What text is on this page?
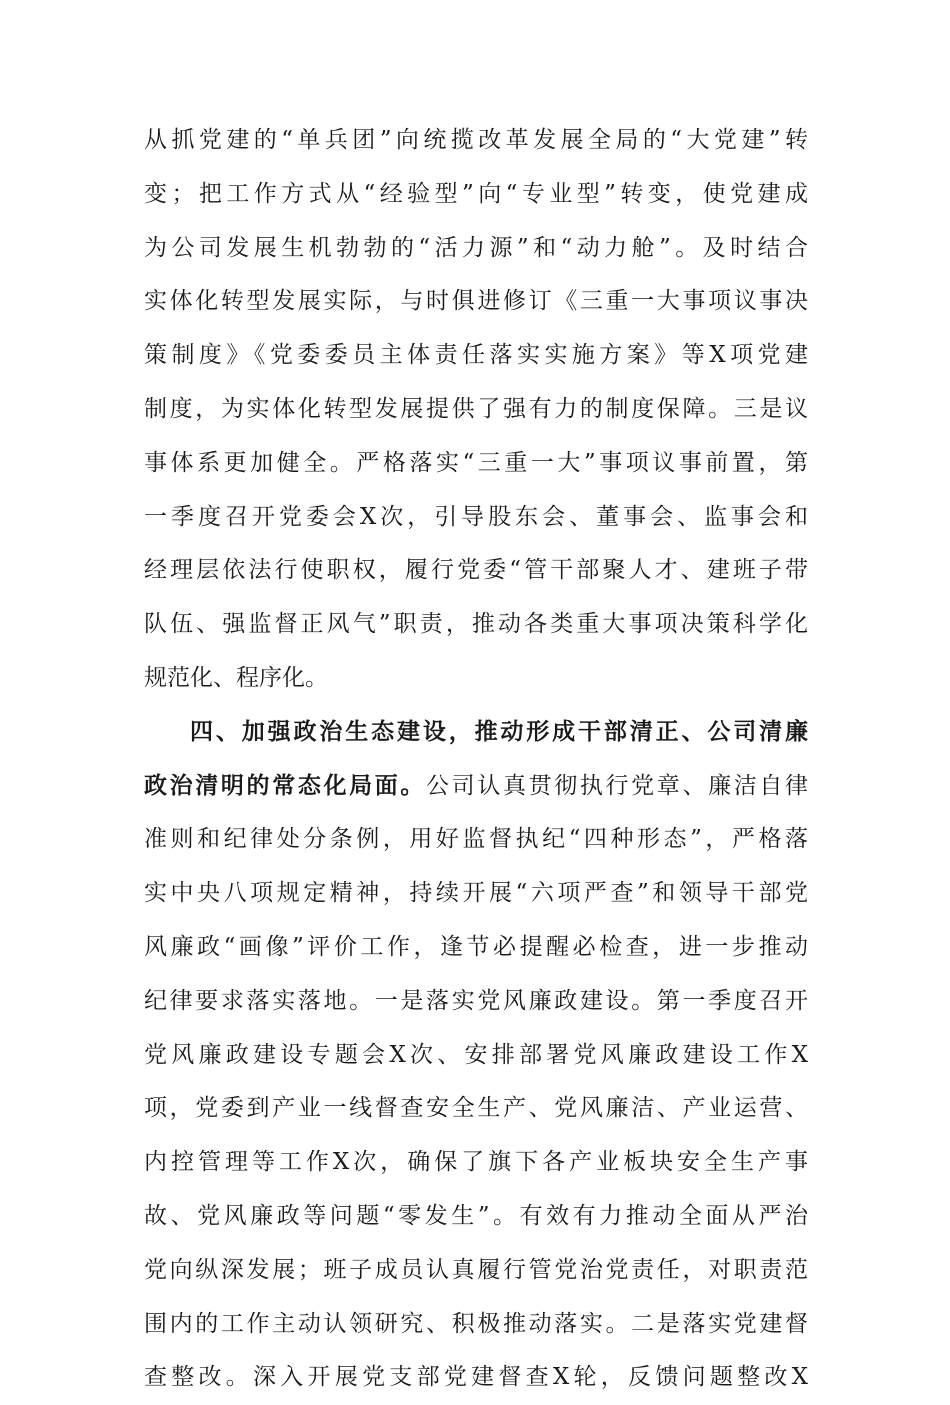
从抓党建的“单兵团”向统揽改革发展全局的“大党建”转
变；把工作方式从“经验型”向“专业型”转变，使党建成
为公司发展生机勃勃的“活力源”和“动力舱”。及时结合
实体化转型发展实际，与时俱进修订《三重一大事项议事决
策制度》《党委委员主体责任落实实施方案》等X项党建
制度，为实体化转型发展提供了强有力的制度保障。三是议
事体系更加健全。严格落实“三重一大”事项议事前置，第
一季度召开党委会X次，引导股东会、董事会、监事会和
经理层依法行使职权，履行党委“管干部聚人才、建班子带
队伍、强监督正风气”职责，推动各类重大事项决策科学化
规范化、程序化。
四、加强政治生态建设，推动形成干部清正、公司清廉
政治清明的常态化局面。公司认真贯彻执行党章、廉洁自律
准则和纪律处分条例，用好监督执纪“四种形态”，严格落
实中央八项规定精神，持续开展“六项严查”和领导干部党
风廉政“画像”评价工作，逢节必提醒必检查，进一步推动
纪律要求落实落地。一是落实党风廉政建设。第一季度召开
党风廉政建设专题会X次、安排部署党风廉政建设工作X
项，党委到产业一线督查安全生产、党风廉洁、产业运营、
内控管理等工作X次，确保了旗下各产业板块安全生产事
故、党风廉政等问题“零发生”。有效有力推动全面从严治
党向纵深发展；班子成员认真履行管党治党责任，对职责范
围内的工作主动认领研究、积极推动落实。二是落实党建督
查整改。深入开展党支部党建督查X轮，反馈问题整改X
